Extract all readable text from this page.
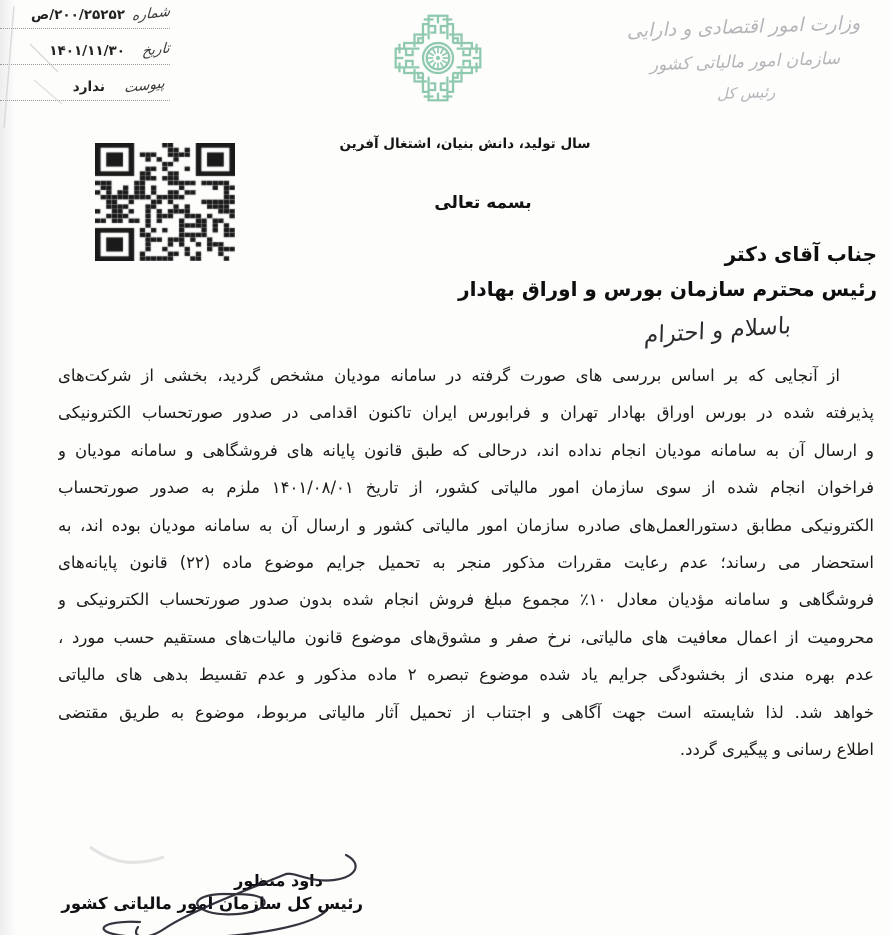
۲۰۰/۲۵۲۵۲/ص شماره
۱۴۰۱/۱۱/۳۰ تاریخ
ندارد پیوست
وزارت امور اقتصادی و دارایی
سازمان امور مالیاتی کشور
رئیس کل
سال تولید، دانش بنیان، اشتغال آفرین
بسمه تعالی
جناب آقای دکتر
رئیس محترم سازمان بورس و اوراق بهادار
باسلام و احترام
از آنجایی که بر اساس بررسی های صورت گرفته در سامانه مودیان مشخص گردید، بخشی از شرکت‌های
پذیرفته شده در بورس اوراق بهادار تهران و فرابورس ایران تاکنون اقدامی در صدور صورتحساب الکترونیکی
و ارسال آن به سامانه مودیان انجام نداده اند، درحالی که طبق قانون پایانه های فروشگاهی و سامانه مودیان و
فراخوان انجام شده از سوی سازمان امور مالیاتی کشور، از تاریخ ۱۴۰۱/۰۸/۰۱ ملزم به صدور صورتحساب
الکترونیکی مطابق دستورالعمل‌های صادره سازمان امور مالیاتی کشور و ارسال آن به سامانه مودیان بوده اند، به
استحضار می رساند؛ عدم رعایت مقررات مذکور منجر به تحمیل جرایم موضوع ماده (۲۲) قانون پایانه‌های
فروشگاهی و سامانه مؤدیان معادل ۱۰٪ مجموع مبلغ فروش انجام شده بدون صدور صورتحساب الکترونیکی و
محرومیت از اعمال معافیت های مالیاتی، نرخ صفر و مشوق‌های موضوع قانون مالیات‌های مستقیم حسب مورد ،
عدم بهره مندی از بخشودگی جرایم یاد شده موضوع تبصره ۲ ماده مذکور و عدم تقسیط بدهی های مالیاتی
خواهد شد. لذا شایسته است جهت آگاهی و اجتناب از تحمیل آثار مالیاتی مربوط، موضوع به طریق مقتضی
اطلاع رسانی و پیگیری گردد.
داود منظور
رئیس کل سازمان امور مالیاتی کشور
